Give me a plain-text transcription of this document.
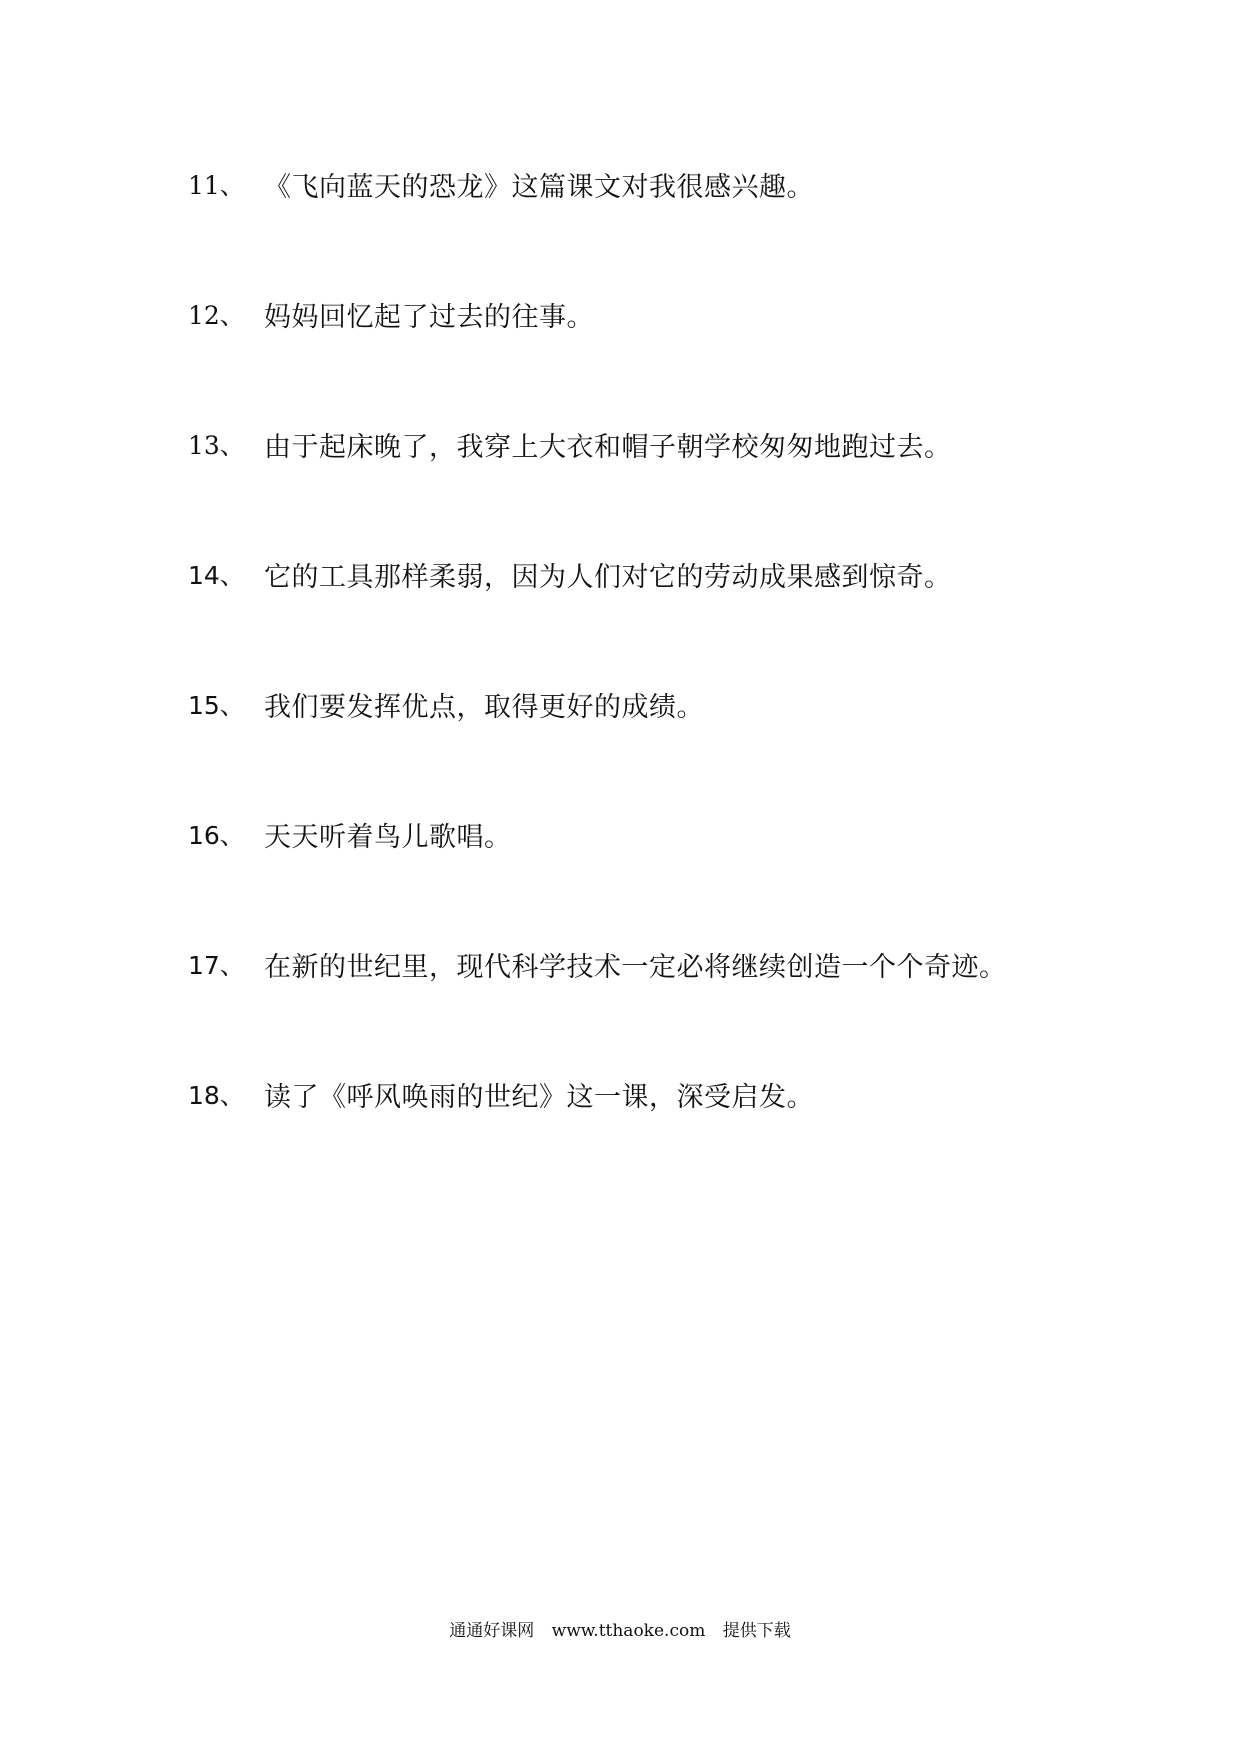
11、 《飞向蓝天的恐龙》这篇课文对我很感兴趣。
12、 妈妈回忆起了过去的往事。
13、 由于起床晚了，我穿上大衣和帽子朝学校匆匆地跑过去。
14、 它的工具那样柔弱，因为人们对它的劳动成果感到惊奇。
15、 我们要发挥优点，取得更好的成绩。
16、 天天听着鸟儿歌唱。
17、 在新的世纪里，现代科学技术一定必将继续创造一个个奇迹。
18、 读了《呼风唤雨的世纪》这一课，深受启发。
通通好课网 www.tthaoke.com 提供下载
